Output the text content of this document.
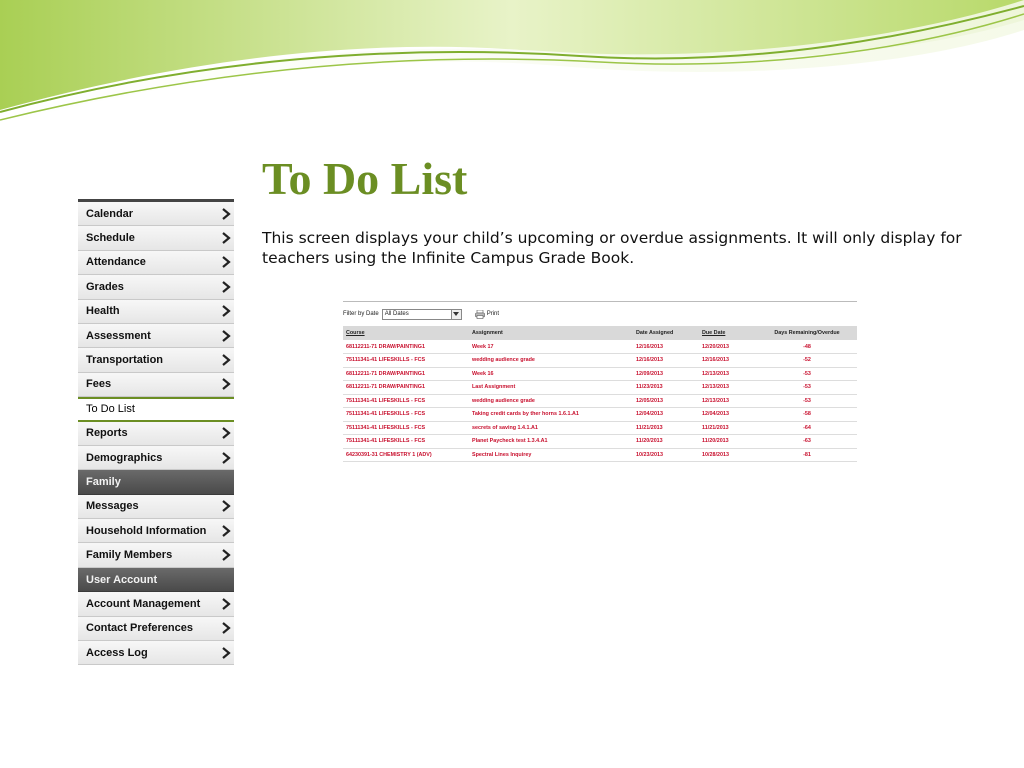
To Do List
This screen displays your child’s upcoming or overdue assignments. It will only display for teachers using the Infinite Campus Grade Book.
Calendar
Schedule
Attendance
Grades
Health
Assessment
Transportation
Fees
To Do List
Reports
Demographics
Family
Messages
Household Information
Family Members
User Account
Account Management
Contact Preferences
Access Log
Filter by Date All Dates	Print
Course	Assignment	Date Assigned	Due Date	Days Remaining/Overdue
68112211-71 DRAW/PAINTING1	Week 17	12/16/2013	12/20/2013	-48
75111341-41 LIFESKILLS - FCS	wedding audience grade	12/16/2013	12/16/2013	-52
68112211-71 DRAW/PAINTING1	Week 16	12/09/2013	12/13/2013	-53
68112211-71 DRAW/PAINTING1	Last Assignment	11/23/2013	12/13/2013	-53
75111341-41 LIFESKILLS - FCS	wedding audience grade	12/05/2013	12/13/2013	-53
75111341-41 LIFESKILLS - FCS	Taking credit cards by ther horns 1.6.1.A1	12/04/2013	12/04/2013	-58
75111341-41 LIFESKILLS - FCS	secrets of saving 1.4.1.A1	11/21/2013	11/21/2013	-64
75111341-41 LIFESKILLS - FCS	Planet Paycheck test 1.3.4.A1	11/20/2013	11/20/2013	-63
64230391-31 CHEMISTRY 1 (ADV)	Spectral Lines Inquirey	10/23/2013	10/28/2013	-81
